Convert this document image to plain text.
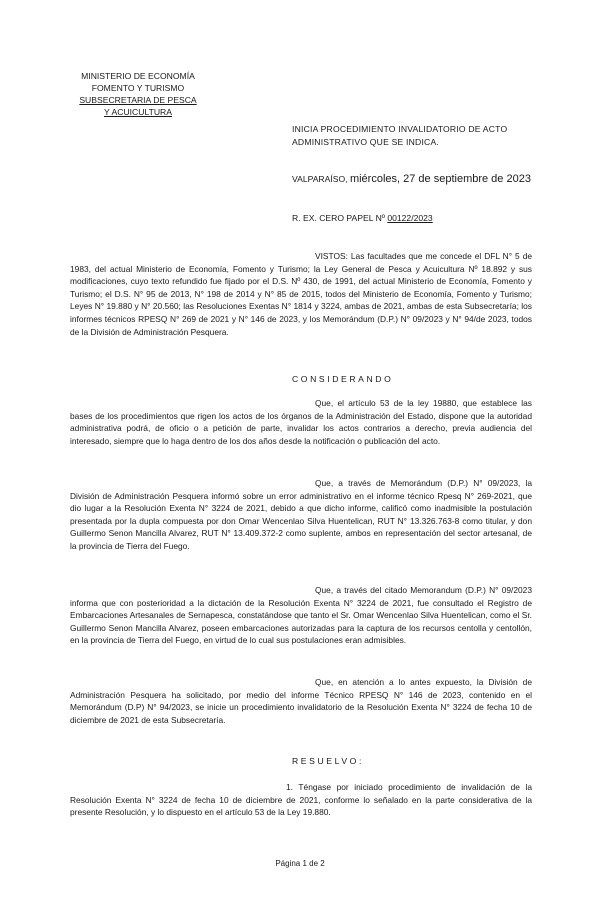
MINISTERIO DE ECONOMÍA
FOMENTO Y TURISMO
SUBSECRETARIA DE PESCA
Y ACUICULTURA
INICIA PROCEDIMIENTO INVALIDATORIO DE ACTO
ADMINISTRATIVO QUE SE INDICA.
VALPARAÍSO, miércoles, 27 de septiembre de 2023
R. EX. CERO PAPEL Nº 00122/2023
VISTOS: Las facultades que me concede el DFL N° 5 de 1983, del actual Ministerio de Economía, Fomento y Turismo; la Ley General de Pesca y Acuicultura Nº 18.892 y sus modificaciones, cuyo texto refundido fue fijado por el D.S. Nº 430, de 1991, del actual Ministerio de Economía, Fomento y Turismo; el D.S. N° 95 de 2013, N° 198 de 2014 y N° 85 de 2015, todos del Ministerio de Economía, Fomento y Turismo; Leyes N° 19.880 y N° 20.560; las Resoluciones Exentas N° 1814 y 3224, ambas de 2021, ambas de esta Subsecretaría; los informes técnicos RPESQ N° 269 de 2021 y N° 146 de 2023, y los Memorándum (D.P.) N° 09/2023 y N° 94/de 2023, todos de la División de Administración Pesquera.
CONSIDERANDO
Que, el artículo 53 de la ley 19880, que establece las bases de los procedimientos que rigen los actos de los órganos de la Administración del Estado, dispone que la autoridad administrativa podrá, de oficio o a petición de parte, invalidar los actos contrarios a derecho, previa audiencia del interesado, siempre que lo haga dentro de los dos años desde la notificación o publicación del acto.
Que, a través de Memorándum (D.P.) N° 09/2023, la División de Administración Pesquera informó sobre un error administrativo en el informe técnico Rpesq N° 269-2021, que dio lugar a la Resolución Exenta N° 3224 de 2021, debido a que dicho informe, calificó como inadmisible la postulación presentada por la dupla compuesta por don Omar Wencenlao Silva Huentelican, RUT N° 13.326.763-8 como titular, y don Guillermo Senon Mancilla Alvarez, RUT N° 13.409.372-2 como suplente, ambos en representación del sector artesanal, de la provincia de Tierra del Fuego.
Que, a través del citado Memorandum (D.P.) N° 09/2023 informa que con posterioridad a la dictación de la Resolución Exenta N° 3224 de 2021, fue consultado el Registro de Embarcaciones Artesanales de Sernapesca, constatándose que tanto el Sr. Omar Wencenlao Silva Huentelican, como el Sr. Guillermo Senon Mancilla Alvarez, poseen embarcaciones autorizadas para la captura de los recursos centolla y centollón, en la provincia de Tierra del Fuego, en virtud de lo cual sus postulaciones eran admisibles.
Que, en atención a lo antes expuesto, la División de Administración Pesquera ha solicitado, por medio del informe Técnico RPESQ N° 146 de 2023, contenido en el Memorándum (D.P) N° 94/2023, se inicie un procedimiento invalidatorio de la Resolución Exenta N° 3224 de fecha 10 de diciembre de 2021 de esta Subsecretaría.
RESUELVO:
1. Téngase por iniciado procedimiento de invalidación de la Resolución Exenta N° 3224 de fecha 10 de diciembre de 2021, conforme lo señalado en la parte considerativa de la presente Resolución, y lo dispuesto en el artículo 53 de la Ley 19.880.
Página 1 de 2
